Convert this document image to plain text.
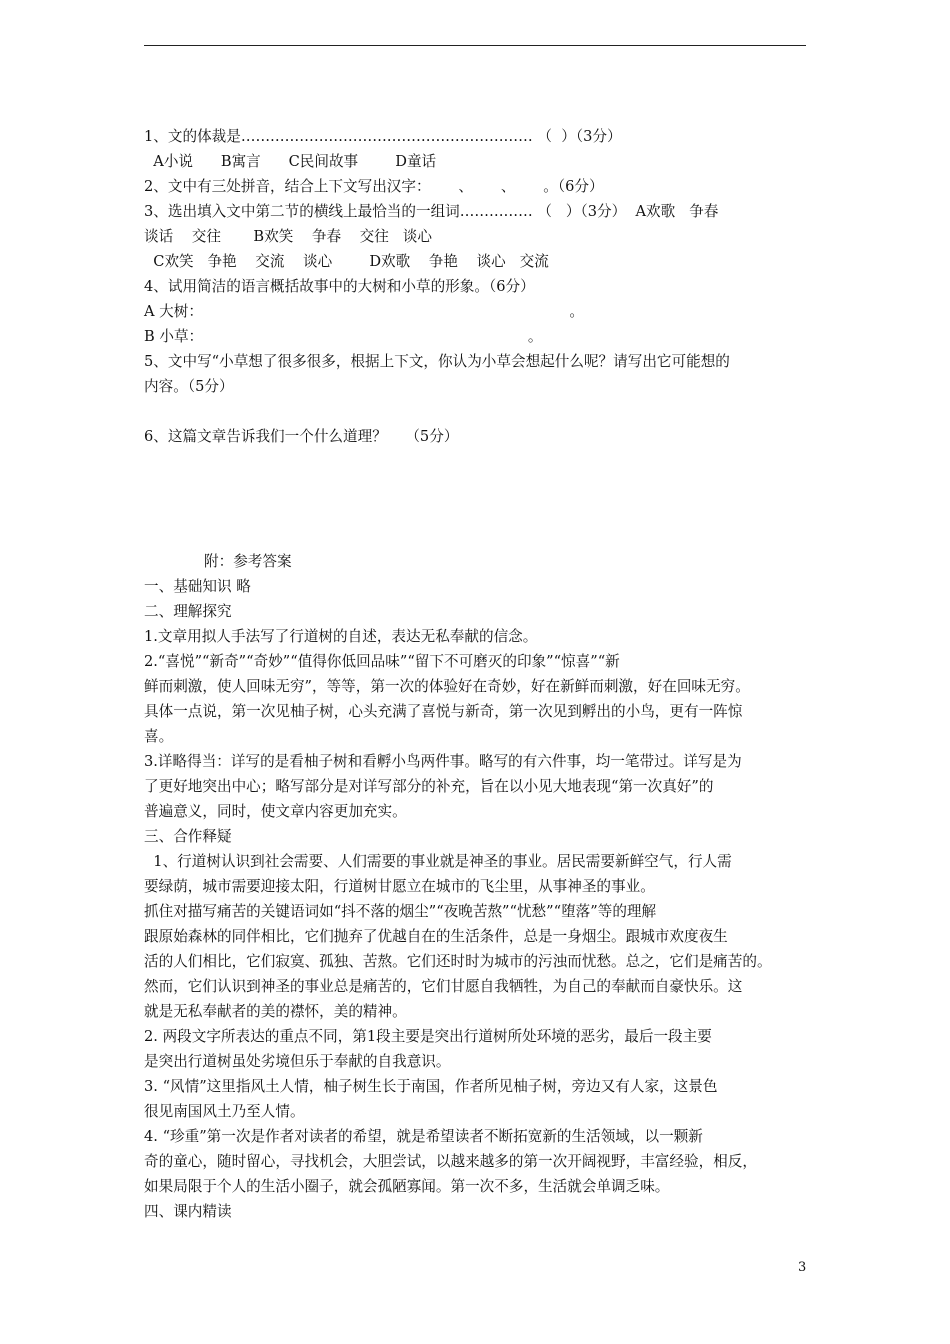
1、文的体裁是…………………………………………………… （  ）（3分）
A小说      B寓言      C民间故事        D童话
2、文中有三处拼音，结合上下文写出汉字：      、      、      。（6分）
3、选出填入文中第二节的横线上最恰当的一组词…………… （   ）（3分）  A欢歌   争春
谈话    交往       B欢笑    争春    交往   谈心
C欢笑   争艳    交流    谈心        D欢歌    争艳    谈心   交流
4、试用简洁的语言概括故事中的大树和小草的形象。（6分）
A 大树：                                                                               。
B 小草：                                                                      。
5、文中写“小草想了很多很多，根据上下文，你认为小草会想起什么呢？请写出它可能想的
内容。（5分）
6、这篇文章告诉我们一个什么道理？    （5分）
附：参考答案
一、基础知识 略
二、理解探究
1.文章用拟人手法写了行道树的自述，表达无私奉献的信念。
2.“喜悦”“新奇”“奇妙”“值得你低回品味”“留下不可磨灭的印象”“惊喜”“新
鲜而刺激，使人回味无穷”，等等，第一次的体验好在奇妙，好在新鲜而刺激，好在回味无穷。
具体一点说，第一次见柚子树，心头充满了喜悦与新奇，第一次见到孵出的小鸟，更有一阵惊
喜。
3.详略得当：详写的是看柚子树和看孵小鸟两件事。略写的有六件事，均一笔带过。详写是为
了更好地突出中心；略写部分是对详写部分的补充，旨在以小见大地表现“第一次真好”的
普遍意义，同时，使文章内容更加充实。
三、合作释疑
1、行道树认识到社会需要、人们需要的事业就是神圣的事业。居民需要新鲜空气，行人需
要绿荫，城市需要迎接太阳，行道树甘愿立在城市的飞尘里，从事神圣的事业。
抓住对描写痛苦的关键语词如“抖不落的烟尘”“夜晚苦熬”“忧愁”“堕落”等的理解
跟原始森林的同伴相比，它们抛弃了优越自在的生活条件，总是一身烟尘。跟城市欢度夜生
活的人们相比，它们寂寞、孤独、苦熬。它们还时时为城市的污浊而忧愁。总之，它们是痛苦的。
然而，它们认识到神圣的事业总是痛苦的，它们甘愿自我牺牲，为自己的奉献而自豪快乐。这
就是无私奉献者的美的襟怀，美的精神。
2. 两段文字所表达的重点不同，第1段主要是突出行道树所处环境的恶劣，最后一段主要
是突出行道树虽处劣境但乐于奉献的自我意识。
3. “风情”这里指风土人情，柚子树生长于南国，作者所见柚子树，旁边又有人家，这景色
很见南国风土乃至人情。
4. “珍重”第一次是作者对读者的希望，就是希望读者不断拓宽新的生活领域，以一颗新
奇的童心，随时留心，寻找机会，大胆尝试，以越来越多的第一次开阔视野，丰富经验，相反，
如果局限于个人的生活小圈子，就会孤陋寡闻。第一次不多，生活就会单调乏味。
四、课内精读
3
